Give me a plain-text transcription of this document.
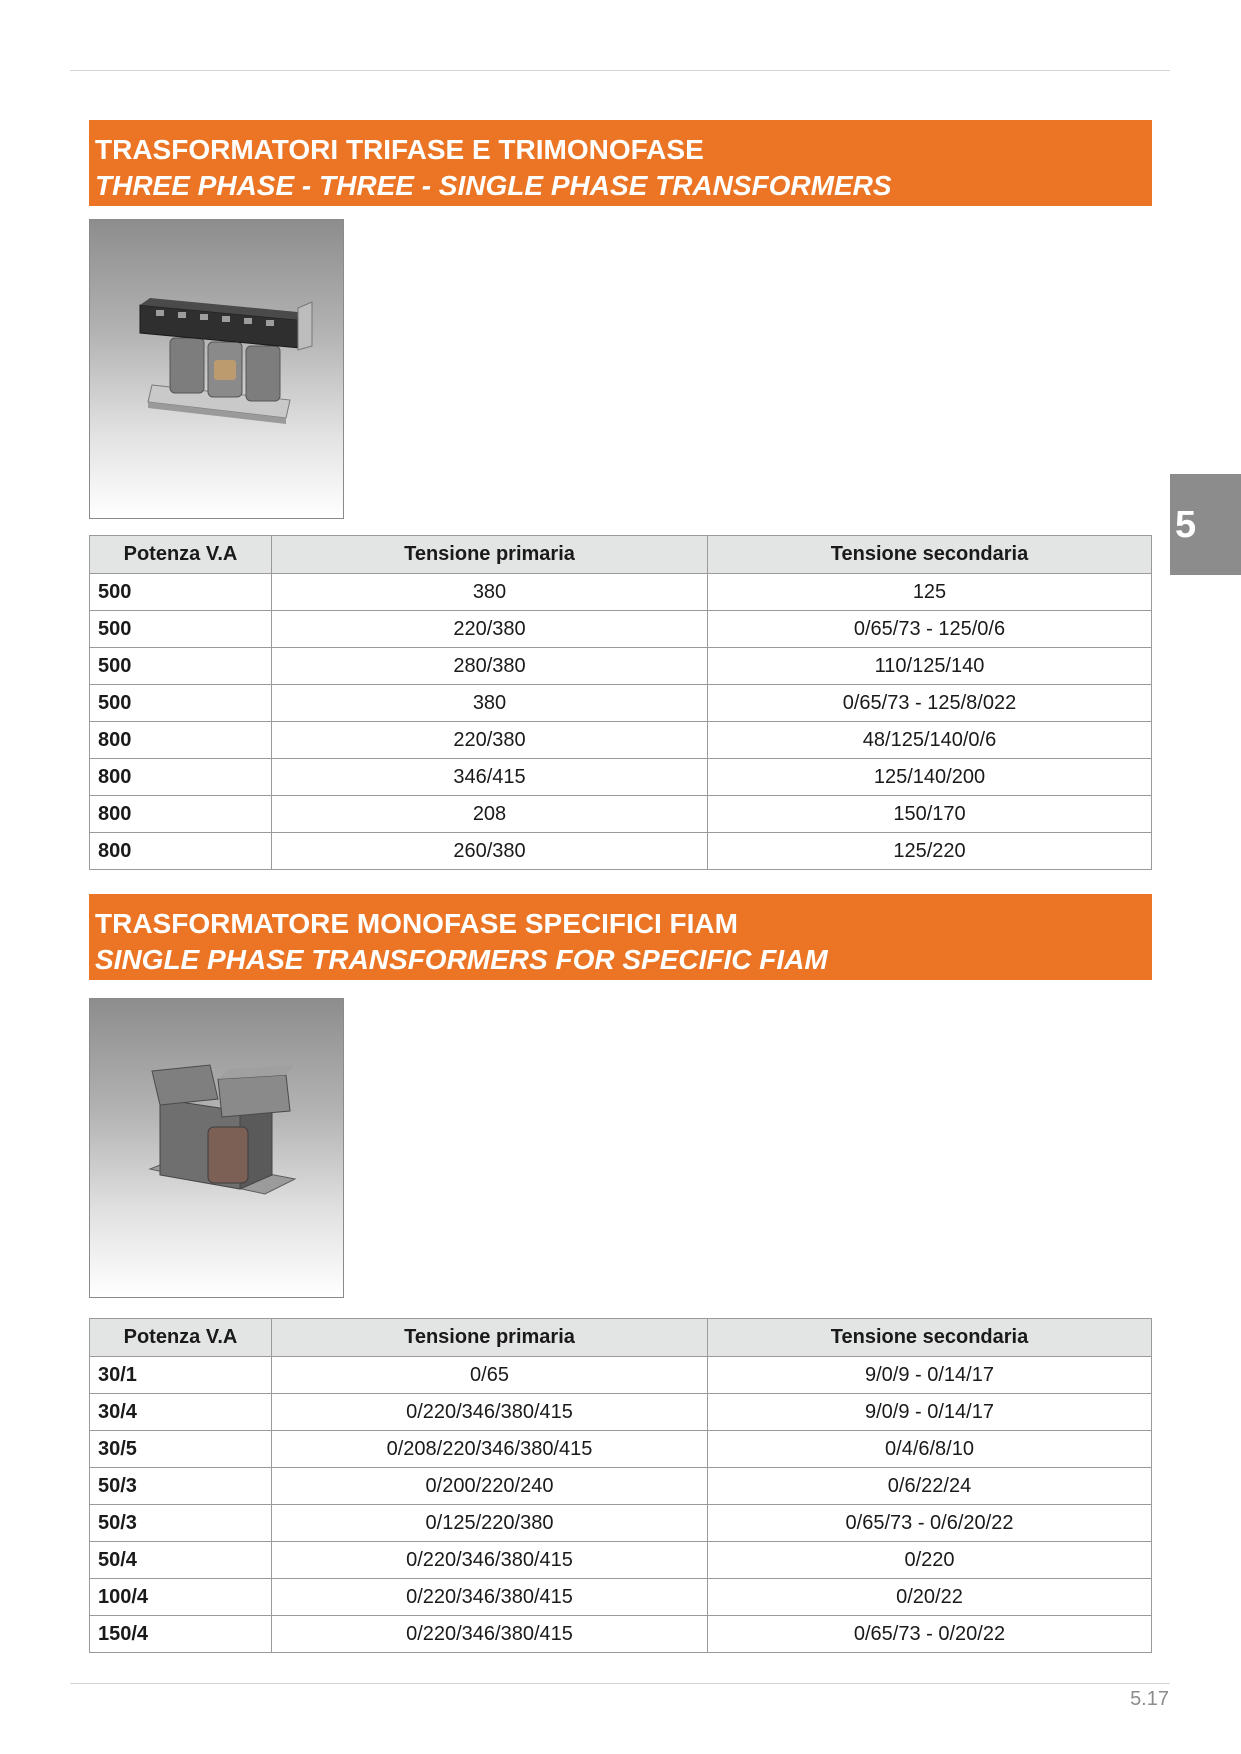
TRASFORMATORI TRIFASE E TRIMONOFASE
THREE PHASE - THREE - SINGLE PHASE TRANSFORMERS
Potenza V.A	Tensione primaria	Tensione secondaria
500	380	125
500	220/380	0/65/73 - 125/0/6
500	280/380	110/125/140
500	380	0/65/73 - 125/8/022
800	220/380	48/125/140/0/6
800	346/415	125/140/200
800	208	150/170
800	260/380	125/220
TRASFORMATORE MONOFASE SPECIFICI FIAM
SINGLE PHASE TRANSFORMERS FOR SPECIFIC FIAM
Potenza V.A	Tensione primaria	Tensione secondaria
30/1	0/65	9/0/9 - 0/14/17
30/4	0/220/346/380/415	9/0/9 - 0/14/17
30/5	0/208/220/346/380/415	0/4/6/8/10
50/3	0/200/220/240	0/6/22/24
50/3	0/125/220/380	0/65/73 - 0/6/20/22
50/4	0/220/346/380/415	0/220
100/4	0/220/346/380/415	0/20/22
150/4	0/220/346/380/415	0/65/73 - 0/20/22
5
5.17
